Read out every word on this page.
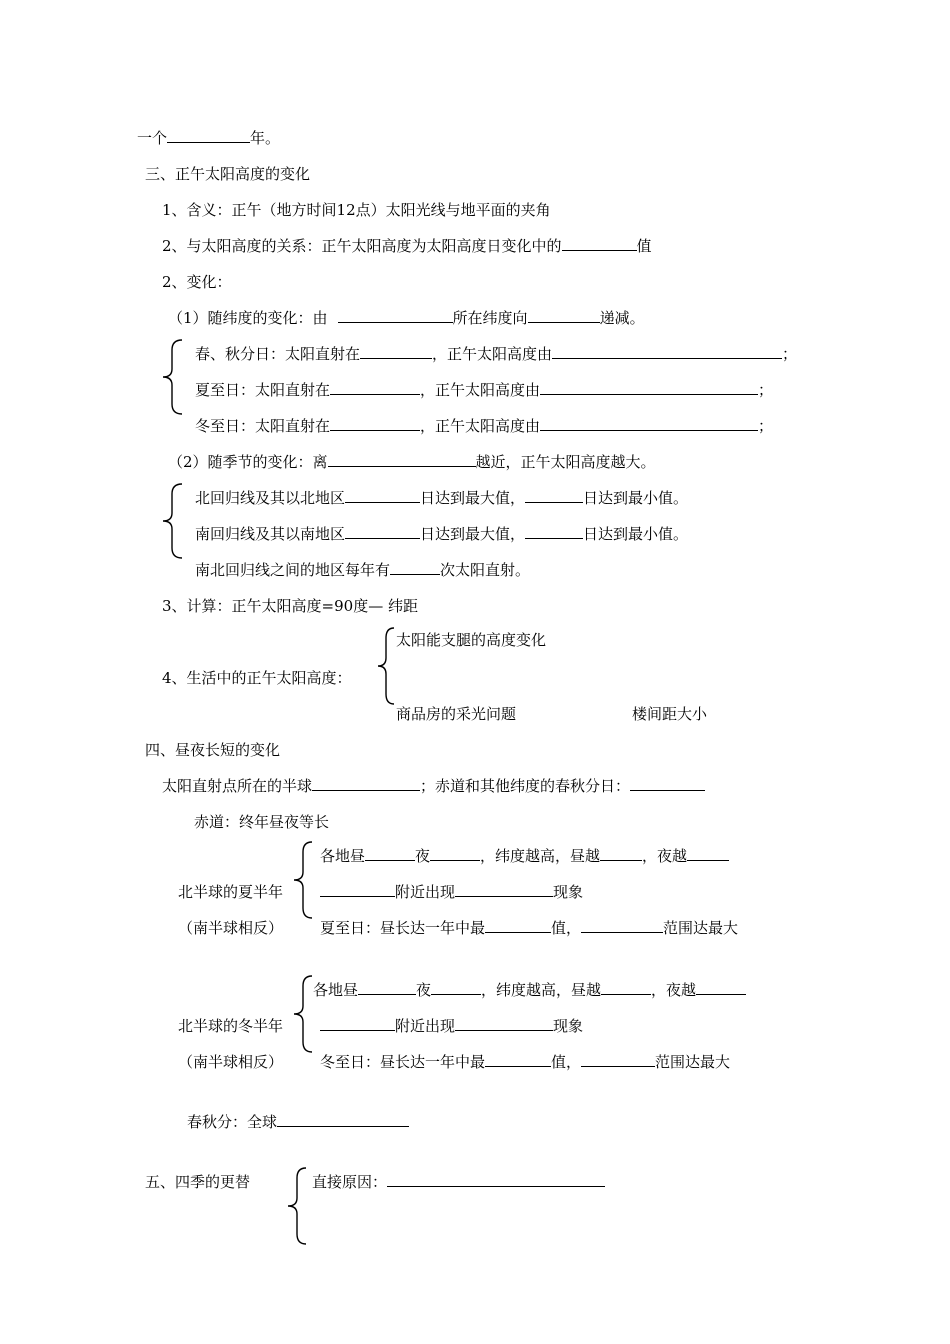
一个	年。
三、正午太阳高度的变化
1、含义：正午（地方时间12点）太阳光线与地平面的夹角
2、与太阳高度的关系：正午太阳高度为太阳高度日变化中的	值
2、变化：
（1）随纬度的变化：由	所在纬度向	递减。
春、秋分日：太阳直射在	，正午太阳高度由	；
夏至日：太阳直射在	，正午太阳高度由	；
冬至日：太阳直射在	，正午太阳高度由	；
（2）随季节的变化：离	越近，正午太阳高度越大。
北回归线及其以北地区	日达到最大值，	日达到最小值。
南回归线及其以南地区	日达到最大值，	日达到最小值。
南北回归线之间的地区每年有	次太阳直射。
3、计算：正午太阳高度=90度— 纬距
太阳能支腿的高度变化
4、生活中的正午太阳高度：
商品房的采光问题	楼间距大小
四、昼夜长短的变化
太阳直射点所在的半球	；赤道和其他纬度的春秋分日：
赤道：终年昼夜等长
各地昼	夜	，纬度越高，昼越	，夜越
北半球的夏半年	附近出现	现象
（南半球相反） 夏至日：昼长达一年中最	值，	范围达最大
各地昼	夜	，纬度越高，昼越	，夜越
北半球的冬半年	附近出现	现象
（南半球相反） 冬至日：昼长达一年中最	值，	范围达最大
春秋分：全球
五、四季的更替	直接原因：
